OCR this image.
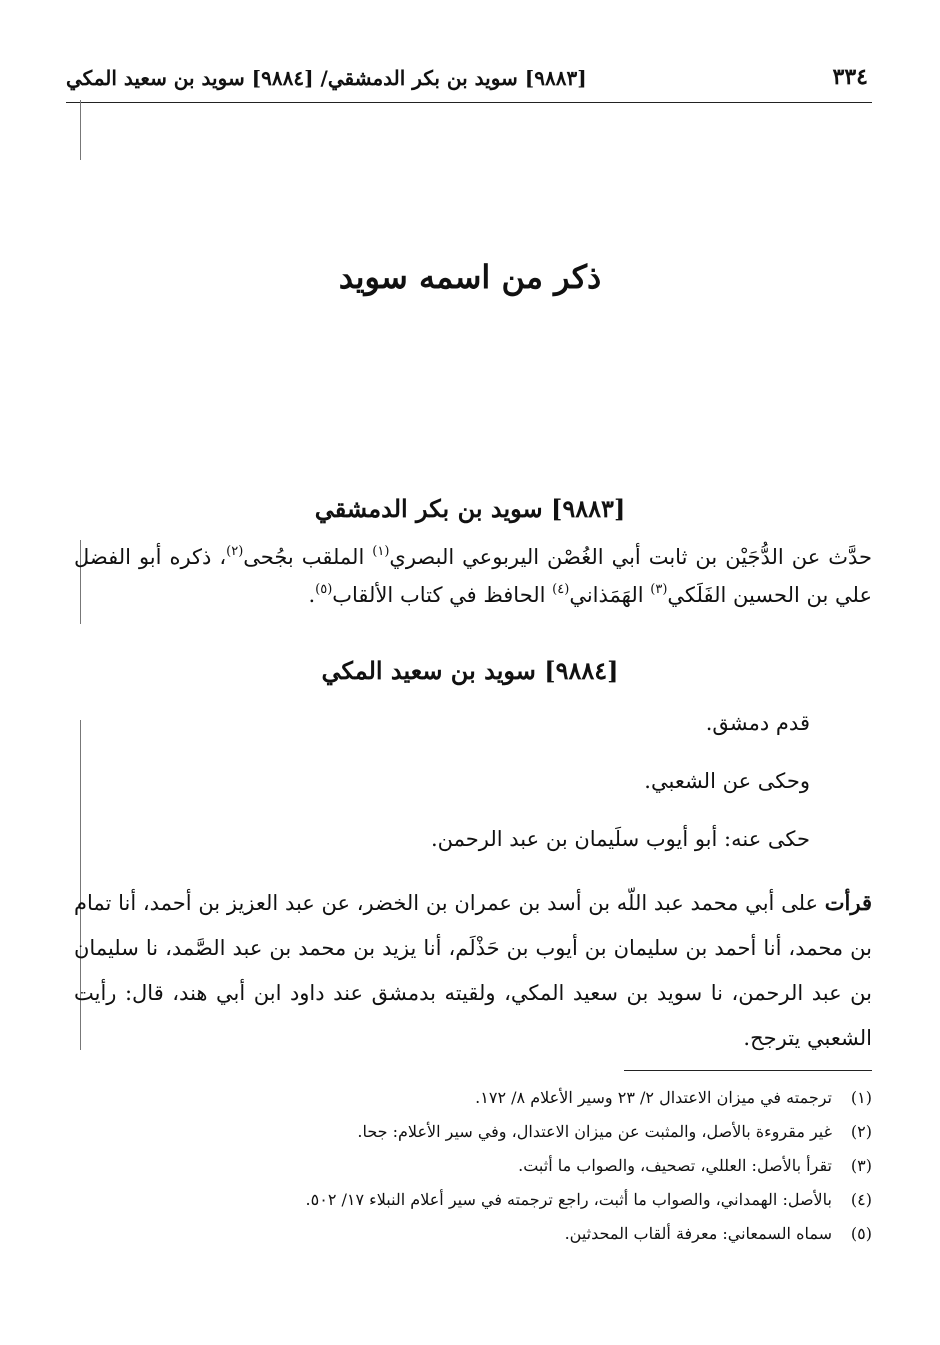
٣٣٤
[٩٨٨٣] سويد بن بكر الدمشقي/ [٩٨٨٤] سويد بن سعيد المكي
ذكر من اسمه سويد
[٩٨٨٣] سويد بن بكر الدمشقي
حدَّث عن الدُّجَيْن بن ثابت أبي الغُصْن اليربوعي البصري$^{(١)}$ الملقب بجُحى$^{(٢)}$، ذكره أبو الفضل علي بن الحسين الفَلَكي$^{(٣)}$ الهَمَذاني$^{(٤)}$ الحافظ في كتاب الألقاب$^{(٥)}$.
[٩٨٨٤] سويد بن سعيد المكي
قدم دمشق.
وحكى عن الشعبي.
حكى عنه: أبو أيوب سلَيمان بن عبد الرحمن.
قرأت على أبي محمد عبد اللّه بن أسد بن عمران بن الخضر، عن عبد العزيز بن أحمد، أنا تمام بن محمد، أنا أحمد بن سليمان بن أيوب بن حَذْلَم، أنا يزيد بن محمد بن عبد الصَّمد، نا سليمان بن عبد الرحمن، نا سويد بن سعيد المكي، ولقيته بدمشق عند داود ابن أبي هند، قال: رأيت الشعبي يترجح.
(١)
ترجمته في ميزان الاعتدال ٢/ ٢٣ وسير الأعلام ٨/ ١٧٢.
(٢)
غير مقروءة بالأصل، والمثبت عن ميزان الاعتدال، وفي سير الأعلام: جحا.
(٣)
تقرأ بالأصل: العللي، تصحيف، والصواب ما أثبت.
(٤)
بالأصل: الهمداني، والصواب ما أثبت، راجع ترجمته في سير أعلام النبلاء ١٧/ ٥٠٢.
(٥)
سماه السمعاني: معرفة ألقاب المحدثين.
